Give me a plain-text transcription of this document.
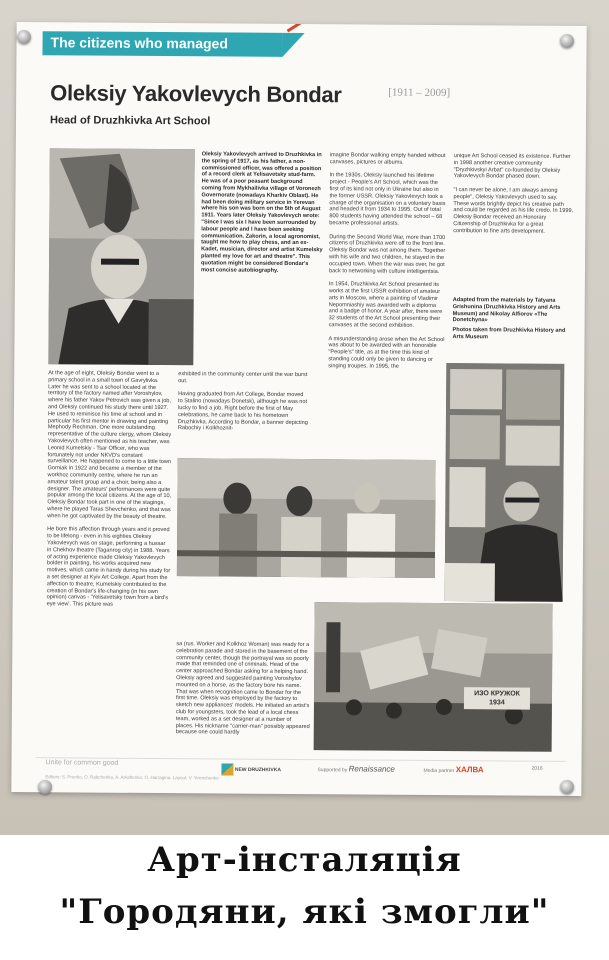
The citizens who managed
Oleksiy Yakovlevych Bondar	[1911 – 2009]
Head of Druzhkivka Art School
Oleksiy Yakovlevych arrived to Druzhkivka in the spring of 1917, as his father, a non-commissioned officer, was offered a position of a record clerk at Yelisavetsky stud-farm. He was of a poor peasant background coming from Mykhailivka village of Voronezh Governorate (nowadays Kharkiv Oblast). He had been doing military service in Yerevan where his son was born on the 5th of August 1911. Years later Oleksiy Yakovlevych wrote: "Since I was six I have been surrounded by labour people and I have been seeking communication. Zakorin, a local agronomist, taught me how to play chess, and an ex-Kadet, musician, director and artist Kumelsky planted my love for art and theatre". This quotation might be considered Bondar's most concise autobiography.
imagine Bondar walking empty handed without canvases, pictures or albums.

In the 1930s, Oleksiy launched his lifetime project - People's Art School, which was the first of its kind not only in Ukraine but also in the former USSR. Oleksiy Yakovlevych took a charge of the organisation on a voluntary basis and headed it from 1934 to 1995. Out of total 800 students having attended the school – 68 became professional artists.

During the Second World War, more than 1700 citizens of Druzhkivka were off to the front line. Oleksiy Bondar was not among them. Together with his wife and two children, he stayed in the occupied town. When the war was over, he got back to networking with culture intelligentsia.

In 1954, Druzhkivka Art School presented its works at the first USSR exhibition of amateur arts in Moscow, where a painting of Vladimir Nepomniashiy was awarded with a diploma and a badge of honor. A year after, there were 32 students of the Art School presenting their canvases at the second exhibition.

A misunderstanding arose when the Art School was about to be awarded with an honorable "People's" title, as at the time this kind of standing could only be given to dancing or singing troupes. In 1995, the
unique Art School ceased its existence. Further in 1998 another creative community "Dryzhkivskyi Arbat" co-founded by Oleksiy Yakovlevych Bondar phased down.

"I can never be alone, I am always among people", Oleksiy Yakovlevych used to say. These words brightly depict his creative path and could be regarded as his life credo. In 1999, Oleksiy Bondar received an Honorary Citizenship of Druzhkivka for a great contribution to fine arts development.
Adapted from the materials by Tatyana Grishunina (Druzhkivka History and Arts Museum) and Nikolay Alfiorov «The Donetchyna»
Photos taken from Druzhkivka History and Arts Museum
At the age of eight, Oleksiy Bondar went to a primary school in a small town of Gavrylivka. Later he was sent to a school located at the territory of the factory named after Voroshylov, where his father Yakov Petrovich was given a job, and Oleksiy continued his study there until 1927. He used to reminisce his time at school and in particular his first mentor in drawing and painting Mephody Rechman. One more outstanding representative of the culture clergy, whom Oleksiy Yakovlevych often mentioned as his teacher, was Leonid Kumelskiy - Tsar Officer, who was fortunately not under NKVD's constant surveillance. He happened to come to a little town Gorniak in 1922 and became a member of the workhoz community centre, where he run an amateur talent group and a choir, being also a designer. The amateurs' performances were quite popular among the local citizens. At the age of 10, Oleksiy Bondar took part in one of the stagings, where he played Taras Shevchenko, and that was when he got captivated by the beauty of theatre.

He bore this affection through years and it proved to be lifelong - even in his eighties Oleksiy Yakovlevych was on stage, performing a hussar in Chekhov theatre (Taganrog city) in 1988. Years of acting experience made Oleksiy Yakovlevych bolder in painting, his works acquired new motives, which came in handy during his study for a set designer at Kyiv Art College. Apart from the affection to theatre, Kumelskiy contributed to the creation of Bondar's life-changing (in his own opinion) canvas - 'Yelisavetsky town from a bird's eye view'. This picture was
exhibited in the community center until the war burst out.

Having graduated from Art College, Bondar moved to Stalino (nowadays Donetsk), although he was not lucky to find a job. Right before the first of May celebrations, he came back to his hometown Druzhkivka. According to Bondar, a banner depicting Rabochiy i Kolkhoznit-
sa (rus. Worker and Kolkhoz Woman) was ready for a celebration parade and stored in the basement of the community center, though the portrayal was so poorly made that reminded one of criminals. Head of the center approached Bondar asking for a helping hand. Oleksiy agreed and suggested painting Voroshylov mounted on a horse, as the factory bore his name. That was when recognition came to Bondar for the first time. Oleksiy was employed by the factory to sketch new appliances' models. He initiated an artist's club for youngsters, took the lead of a local chess team, worked as a set designer at a number of places. His nickname "carrier-man" possibly appeared because one could hardly
ИЗО КРУЖОК 1934
Unite for common good
Editors: S. Prunko, O. Rabchenko, A. Arkaftenko, O. Harragina. Layout: V. Yermchenko
NEW DRUZHKIVKA	Supported by Renaissance	Media partner ХАЛВА	2016
Арт-інсталяція
"Городяни, які змогли"
